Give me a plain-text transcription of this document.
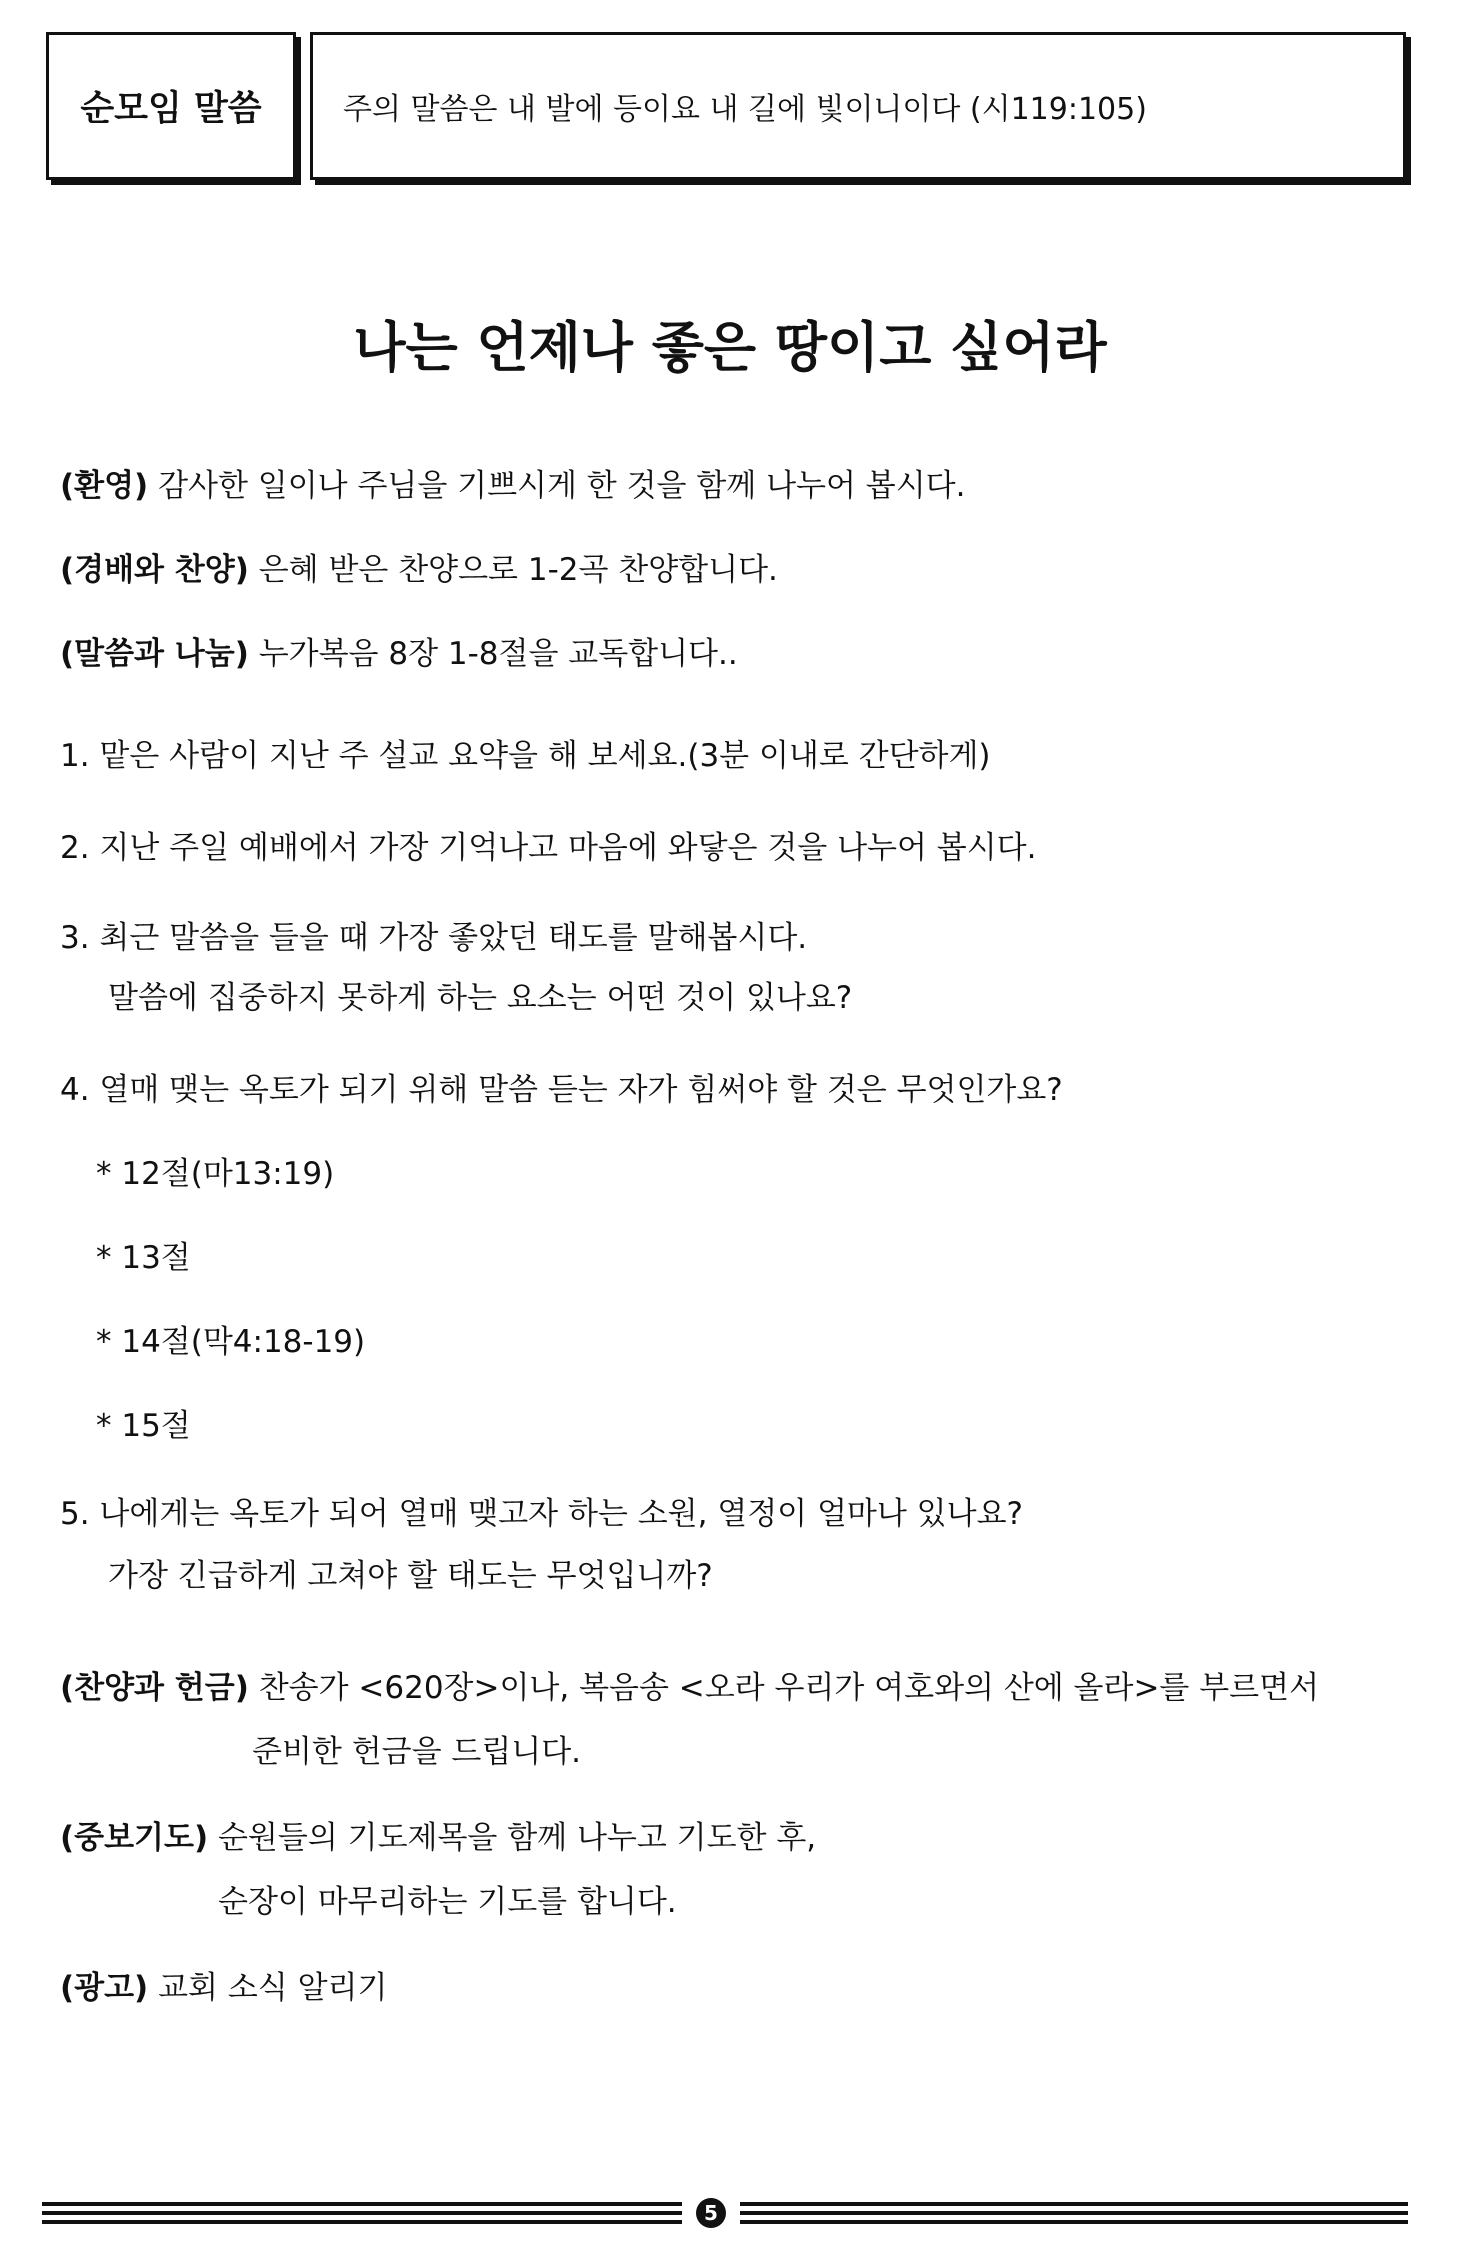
순모임 말씀	주의 말씀은 내 발에 등이요 내 길에 빛이니이다 (시119:105)
나는 언제나 좋은 땅이고 싶어라
(환영) 감사한 일이나 주님을 기쁘시게 한 것을 함께 나누어 봅시다.
(경배와 찬양) 은혜 받은 찬양으로 1-2곡 찬양합니다.
(말씀과 나눔) 누가복음 8장 1-8절을 교독합니다..
1. 맡은 사람이 지난 주 설교 요약을 해 보세요.(3분 이내로 간단하게)
2. 지난 주일 예배에서 가장 기억나고 마음에 와닿은 것을 나누어 봅시다.
3. 최근 말씀을 들을 때 가장 좋았던 태도를 말해봅시다.
말씀에 집중하지 못하게 하는 요소는 어떤 것이 있나요?
4. 열매 맺는 옥토가 되기 위해 말씀 듣는 자가 힘써야 할 것은 무엇인가요?
* 12절(마13:19)
* 13절
* 14절(막4:18-19)
* 15절
5. 나에게는 옥토가 되어 열매 맺고자 하는 소원, 열정이 얼마나 있나요?
가장 긴급하게 고쳐야 할 태도는 무엇입니까?
(찬양과 헌금) 찬송가 <620장>이나, 복음송 <오라 우리가 여호와의 산에 올라>를 부르면서
준비한 헌금을 드립니다.
(중보기도) 순원들의 기도제목을 함께 나누고 기도한 후,
순장이 마무리하는 기도를 합니다.
(광고) 교회 소식 알리기
5
